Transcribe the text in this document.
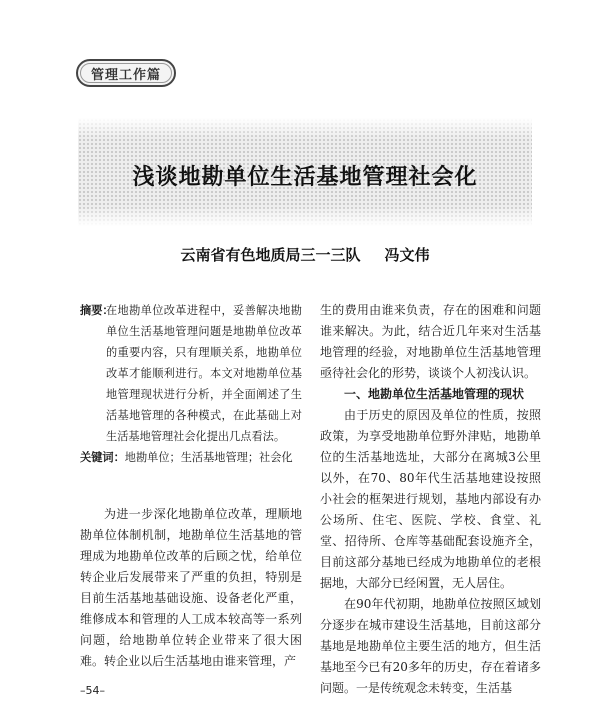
管理工作篇
浅谈地勘单位生活基地管理社会化
云南省有色地质局三一三队 冯文伟
摘要：
在地勘单位改革进程中，妥善解决地勘单位生活基地管理问题是地勘单位改革的重要内容，只有理顺关系，地勘单位改革才能顺利进行。本文对地勘单位基地管理现状进行分析，并全面阐述了生活基地管理的各种模式，在此基础上对生活基地管理社会化提出几点看法。
关键词：地勘单位；生活基地管理；社会化

为进一步深化地勘单位改革，理顺地勘单位体制机制，地勘单位生活基地的管理成为地勘单位改革的后顾之忧，给单位转企业后发展带来了严重的负担，特别是目前生活基地基础设施、设备老化严重，维修成本和管理的人工成本较高等一系列问题，给地勘单位转企业带来了很大困难。转企业以后生活基地由谁来管理，产

生的费用由谁来负责，存在的困难和问题谁来解决。为此，结合近几年来对生活基地管理的经验，对地勘单位生活基地管理亟待社会化的形势，谈谈个人初浅认识。

一、地勘单位生活基地管理的现状

由于历史的原因及单位的性质，按照政策，为享受地勘单位野外津贴，地勘单位的生活基地选址，大部分在离城3公里以外，在70、80年代生活基地建设按照小社会的框架进行规划，基地内部设有办公场所、住宅、医院、学校、食堂、礼堂、招待所、仓库等基础配套设施齐全，目前这部分基地已经成为地勘单位的老根据地，大部分已经闲置，无人居住。

在90年代初期，地勘单位按照区域划分逐步在城市建设生活基地，目前这部分基地是地勘单位主要生活的地方，但生活基地至今已有20多年的历史，存在着诸多问题。一是传统观念未转变，生活基

–54–
